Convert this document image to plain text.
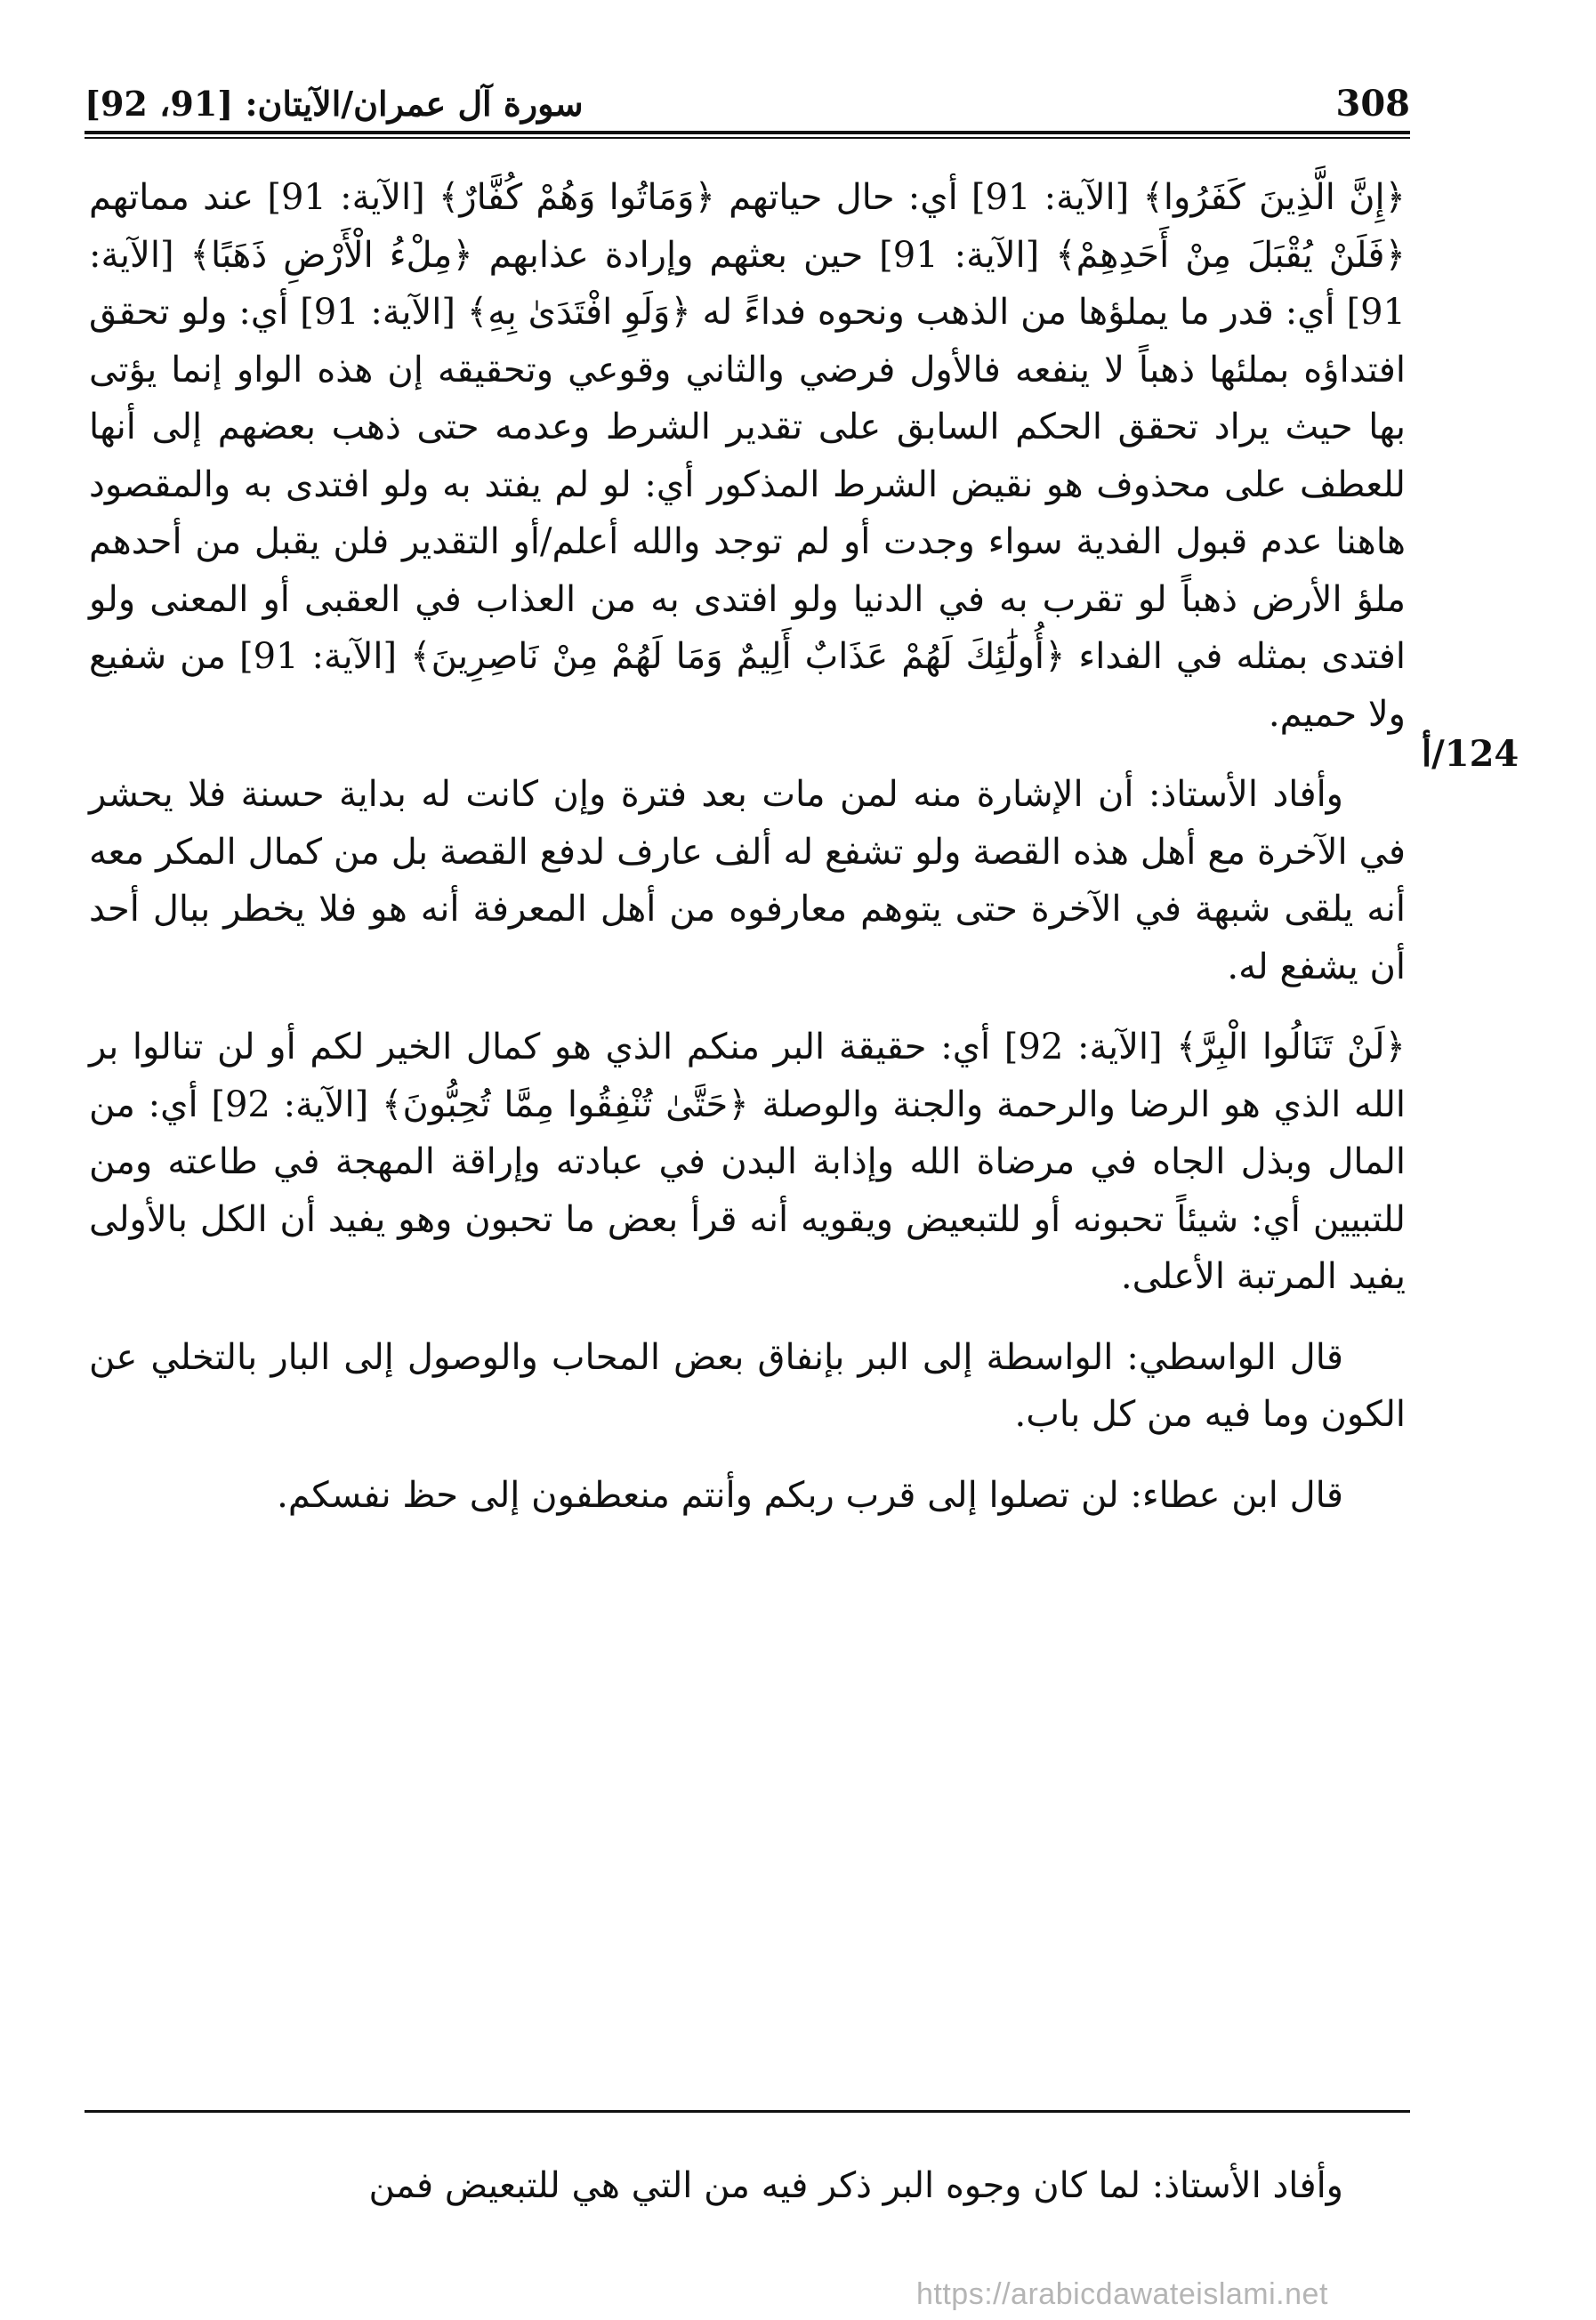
308
سورة آل عمران/الآيتان: [91، 92]
124/أ

﴿إِنَّ الَّذِينَ كَفَرُوا﴾ [الآية: 91] أي: حال حياتهم ﴿وَمَاتُوا وَهُمْ كُفَّارٌ﴾ [الآية: 91] عند مماتهم ﴿فَلَنْ يُقْبَلَ مِنْ أَحَدِهِمْ﴾ [الآية: 91] حين بعثهم وإرادة عذابهم ﴿مِلْءُ الْأَرْضِ ذَهَبًا﴾ [الآية: 91] أي: قدر ما يملؤها من الذهب ونحوه فداءً له ﴿وَلَوِ افْتَدَىٰ بِهِ﴾ [الآية: 91] أي: ولو تحقق افتداؤه بملئها ذهباً لا ينفعه فالأول فرضي والثاني وقوعي وتحقيقه إن هذه الواو إنما يؤتى بها حيث يراد تحقق الحكم السابق على تقدير الشرط وعدمه حتى ذهب بعضهم إلى أنها للعطف على محذوف هو نقيض الشرط المذكور أي: لو لم يفتد به ولو افتدى به والمقصود هاهنا عدم قبول الفدية سواء وجدت أو لم توجد والله أعلم/أو التقدير فلن يقبل من أحدهم ملؤ الأرض ذهباً لو تقرب به في الدنيا ولو افتدى به من العذاب في العقبى أو المعنى ولو افتدى بمثله في الفداء ﴿أُولَٰئِكَ لَهُمْ عَذَابٌ أَلِيمٌ وَمَا لَهُمْ مِنْ نَاصِرِينَ﴾ [الآية: 91] من شفيع ولا حميم.

وأفاد الأستاذ: أن الإشارة منه لمن مات بعد فترة وإن كانت له بداية حسنة فلا يحشر في الآخرة مع أهل هذه القصة ولو تشفع له ألف عارف لدفع القصة بل من كمال المكر معه أنه يلقى شبهة في الآخرة حتى يتوهم معارفوه من أهل المعرفة أنه هو فلا يخطر ببال أحد أن يشفع له.

﴿لَنْ تَنَالُوا الْبِرَّ﴾ [الآية: 92] أي: حقيقة البر منكم الذي هو كمال الخير لكم أو لن تنالوا بر الله الذي هو الرضا والرحمة والجنة والوصلة ﴿حَتَّىٰ تُنْفِقُوا مِمَّا تُحِبُّونَ﴾ [الآية: 92] أي: من المال وبذل الجاه في مرضاة الله وإذابة البدن في عبادته وإراقة المهجة في طاعته ومن للتبيين أي: شيئاً تحبونه أو للتبعيض ويقويه أنه قرأ بعض ما تحبون وهو يفيد أن الكل بالأولى يفيد المرتبة الأعلى.

قال الواسطي: الواسطة إلى البر بإنفاق بعض المحاب والوصول إلى البار بالتخلي عن الكون وما فيه من كل باب.

قال ابن عطاء: لن تصلوا إلى قرب ربكم وأنتم منعطفون إلى حظ نفسكم.

وأفاد الأستاذ: لما كان وجوه البر ذكر فيه من التي هي للتبعيض فمن
https://arabicdawateislami.net
